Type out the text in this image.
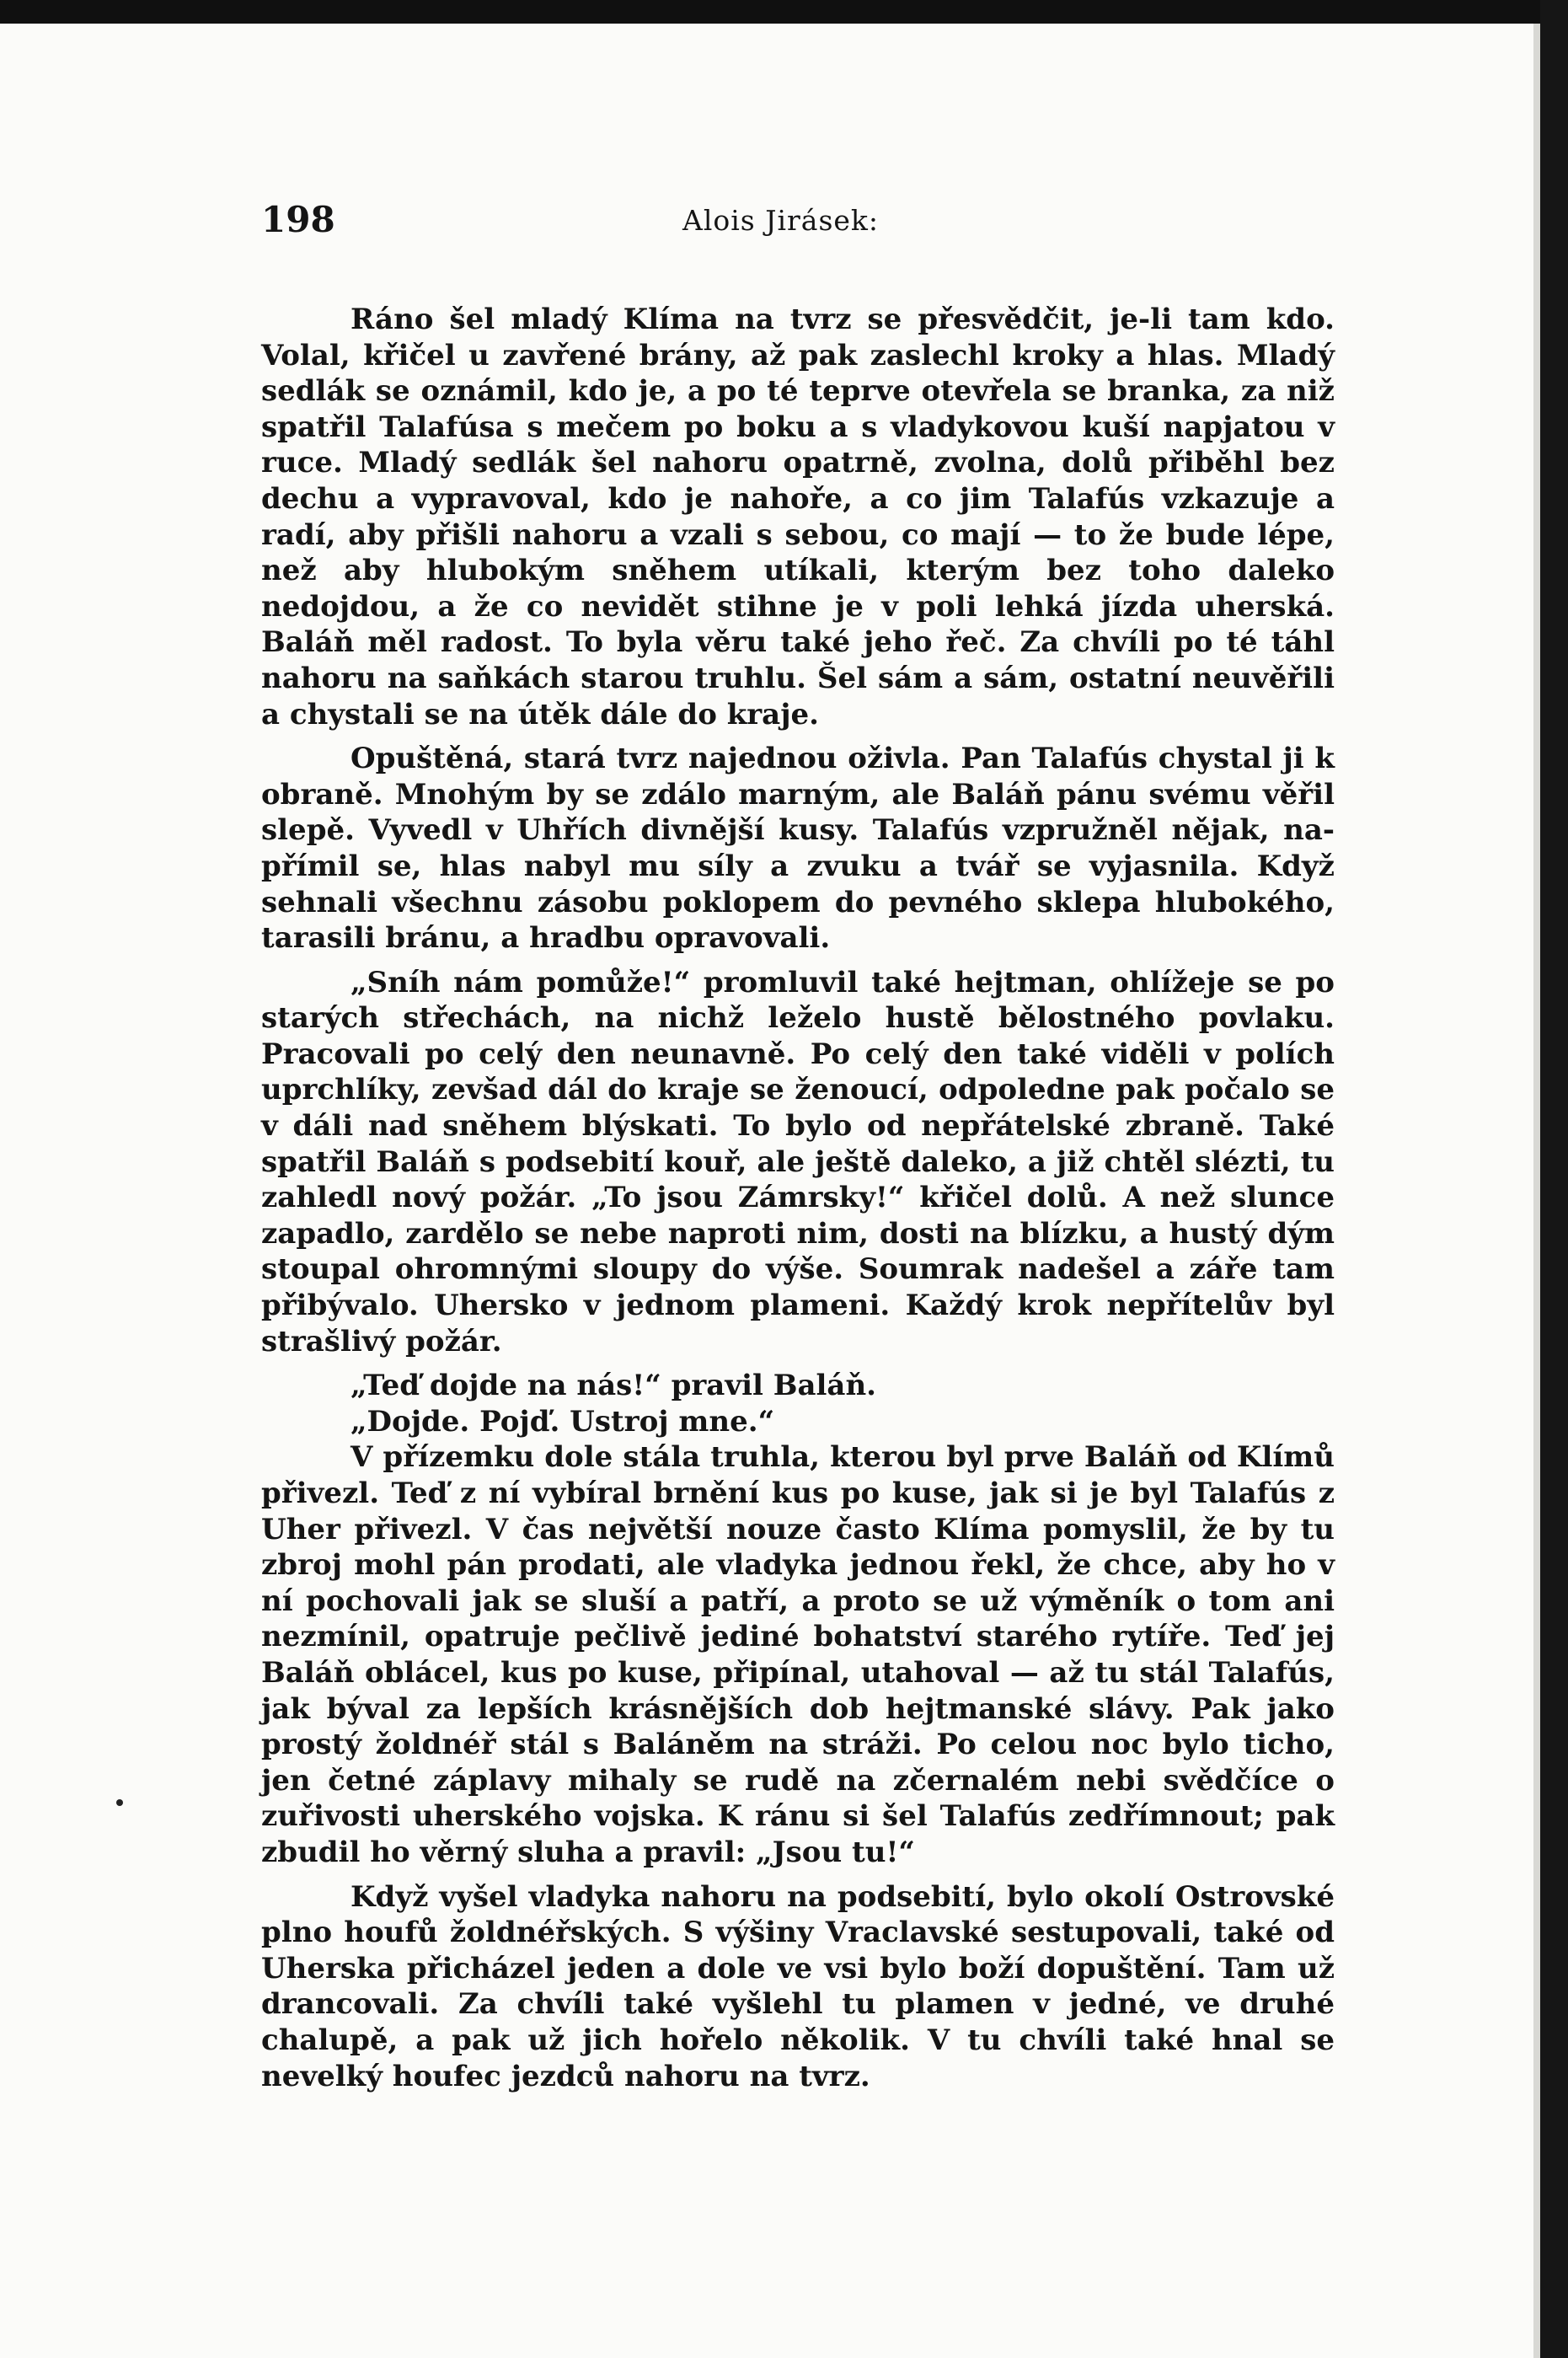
198	Alois Jirásek:

Ráno šel mladý Klíma na tvrz se přesvědčit, je-li tam kdo. Volal, křičel u zavřené brány, až pak zaslechl kroky a hlas. Mladý sedlák se oznámil, kdo je, a po té teprve otevřela se branka, za niž spatřil Talafúsa s mečem po boku a s vladykovou kuší napjatou v ruce. Mladý sedlák šel nahoru opatrně, zvolna, dolů přiběhl bez dechu a vypravoval, kdo je nahoře, a co jim Talafús vzkazuje a radí, aby přišli nahoru a vzali s sebou, co mají — to že bude lépe, než aby hlubokým sněhem utíkali, kterým bez toho daleko nedojdou, a že co nevidět stihne je v poli lehká jízda uherská. Baláň měl radost. To byla věru také jeho řeč. Za chvíli po té táhl nahoru na saňkách starou truhlu. Šel sám a sám, ostatní neuvěřili a chystali se na útěk dále do kraje.

Opuštěná, stará tvrz najednou oživla. Pan Talafús chystal ji k obraně. Mnohým by se zdálo marným, ale Baláň pánu svému věřil slepě. Vyvedl v Uhřích divnější kusy. Talafús vzpružněl nějak, napřímil se, hlas nabyl mu síly a zvuku a tvář se vyjasnila. Když sehnali všechnu zásobu poklopem do pevného sklepa hlubokého, tarasili bránu, a hradbu opravovali.

„Sníh nám pomůže!“ promluvil také hejtman, ohlížeje se po starých střechách, na nichž leželo hustě bělostného povlaku. Pracovali po celý den neunavně. Po celý den také viděli v polích uprchlíky, zevšad dál do kraje se ženoucí, odpoledne pak počalo se v dáli nad sněhem blýskati. To bylo od nepřátelské zbraně. Také spatřil Baláň s podsebití kouř, ale ještě daleko, a již chtěl slézti, tu zahledl nový požár. „To jsou Zámrsky!“ křičel dolů. A než slunce zapadlo, zardělo se nebe naproti nim, dosti na blízku, a hustý dým stoupal ohromnými sloupy do výše. Soumrak nadešel a záře tam přibývalo. Uhersko v jednom plameni. Každý krok nepřítelův byl strašlivý požár.

„Teď dojde na nás!“ pravil Baláň.

„Dojde. Pojď. Ustroj mne.“

V přízemku dole stála truhla, kterou byl prve Baláň od Klímů přivezl. Teď z ní vybíral brnění kus po kuse, jak si je byl Talafús z Uher přivezl. V čas největší nouze často Klíma pomyslil, že by tu zbroj mohl pán prodati, ale vladyka jednou řekl, že chce, aby ho v ní pochovali jak se sluší a patří, a proto se už výměník o tom ani nezmínil, opatruje pečlivě jediné bohatství starého rytíře. Teď jej Baláň oblácel, kus po kuse, připínal, utahoval — až tu stál Talafús, jak býval za lepších krásnějších dob hejtmanské slávy. Pak jako prostý žoldnéř stál s Baláněm na stráži. Po celou noc bylo ticho, jen četné záplavy mihaly se rudě na zčernalém nebi svědčíce o zuřivosti uherského vojska. K ránu si šel Talafús zedřímnout; pak zbudil ho věrný sluha a pravil: „Jsou tu!“

Když vyšel vladyka nahoru na podsebití, bylo okolí Ostrovské plno houfů žoldnéřských. S výšiny Vraclavské sestupovali, také od Uherska přicházel jeden a dole ve vsi bylo boží dopuštění. Tam už drancovali. Za chvíli také vyšlehl tu plamen v jedné, ve druhé chalupě, a pak už jich hořelo několik. V tu chvíli také hnal se nevelký houfec jezdců nahoru na tvrz.
